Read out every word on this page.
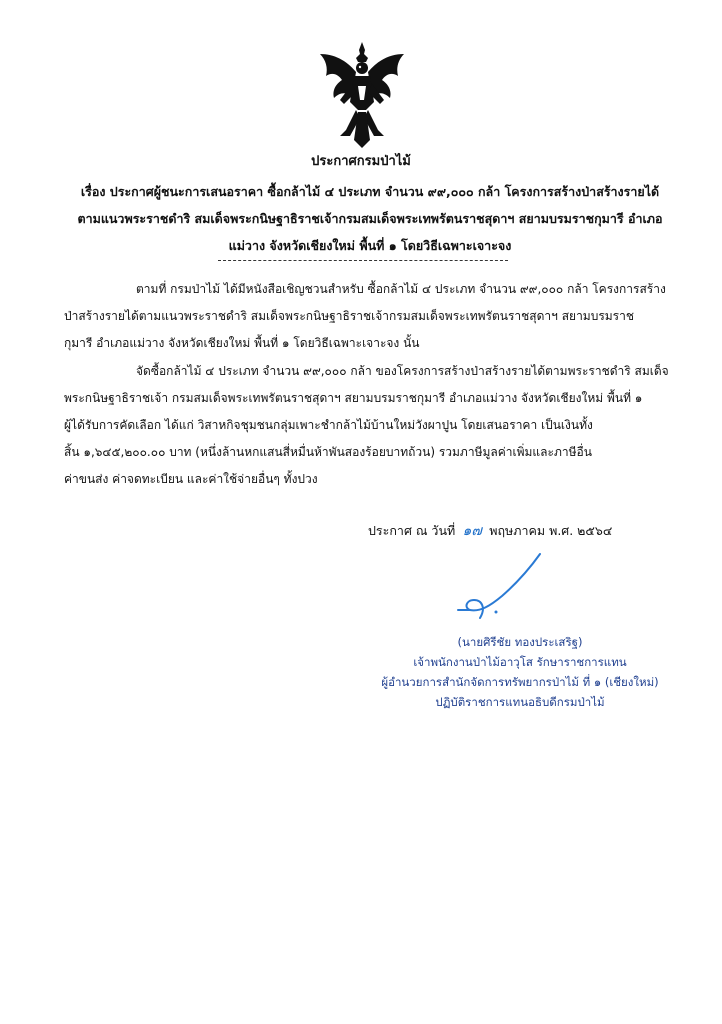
ประกาศกรมป่าไม้
เรื่อง ประกาศผู้ชนะการเสนอราคา ซื้อกล้าไม้ ๔ ประเภท จำนวน ๙๙,๐๐๐ กล้า โครงการสร้างป่าสร้างรายได้
ตามแนวพระราชดำริ สมเด็จพระกนิษฐาธิราชเจ้ากรมสมเด็จพระเทพรัตนราชสุดาฯ สยามบรมราชกุมารี อำเภอ
แม่วาง จังหวัดเชียงใหม่ พื้นที่ ๑ โดยวิธีเฉพาะเจาะจง
ตามที่ กรมป่าไม้ ได้มีหนังสือเชิญชวนสำหรับ ซื้อกล้าไม้ ๔ ประเภท จำนวน ๙๙,๐๐๐ กล้า โครงการสร้าง
ป่าสร้างรายได้ตามแนวพระราชดำริ สมเด็จพระกนิษฐาธิราชเจ้ากรมสมเด็จพระเทพรัตนราชสุดาฯ สยามบรมราช
กุมารี อำเภอแม่วาง จังหวัดเชียงใหม่ พื้นที่ ๑ โดยวิธีเฉพาะเจาะจง นั้น
จัดซื้อกล้าไม้ ๔ ประเภท จำนวน ๙๙,๐๐๐ กล้า ของโครงการสร้างป่าสร้างรายได้ตามพระราชดำริ สมเด็จ
พระกนิษฐาธิราชเจ้า กรมสมเด็จพระเทพรัตนราชสุดาฯ สยามบรมราชกุมารี อำเภอแม่วาง จังหวัดเชียงใหม่ พื้นที่ ๑
ผู้ได้รับการคัดเลือก ได้แก่ วิสาหกิจชุมชนกลุ่มเพาะชำกล้าไม้บ้านใหม่วังผาปูน โดยเสนอราคา เป็นเงินทั้ง
สิ้น ๑,๖๔๕,๒๐๐.๐๐ บาท (หนึ่งล้านหกแสนสี่หมื่นห้าพันสองร้อยบาทถ้วน) รวมภาษีมูลค่าเพิ่มและภาษีอื่น
ค่าขนส่ง ค่าจดทะเบียน และค่าใช้จ่ายอื่นๆ ทั้งปวง
ประกาศ ณ วันที่ ๑๗ พฤษภาคม พ.ศ. ๒๕๖๔
(นายศิรีชัย ทองประเสริฐ)
เจ้าพนักงานป่าไม้อาวุโส รักษาราชการแทน
ผู้อำนวยการสำนักจัดการทรัพยากรป่าไม้ ที่ ๑ (เชียงใหม่)
ปฏิบัติราชการแทนอธิบดีกรมป่าไม้
